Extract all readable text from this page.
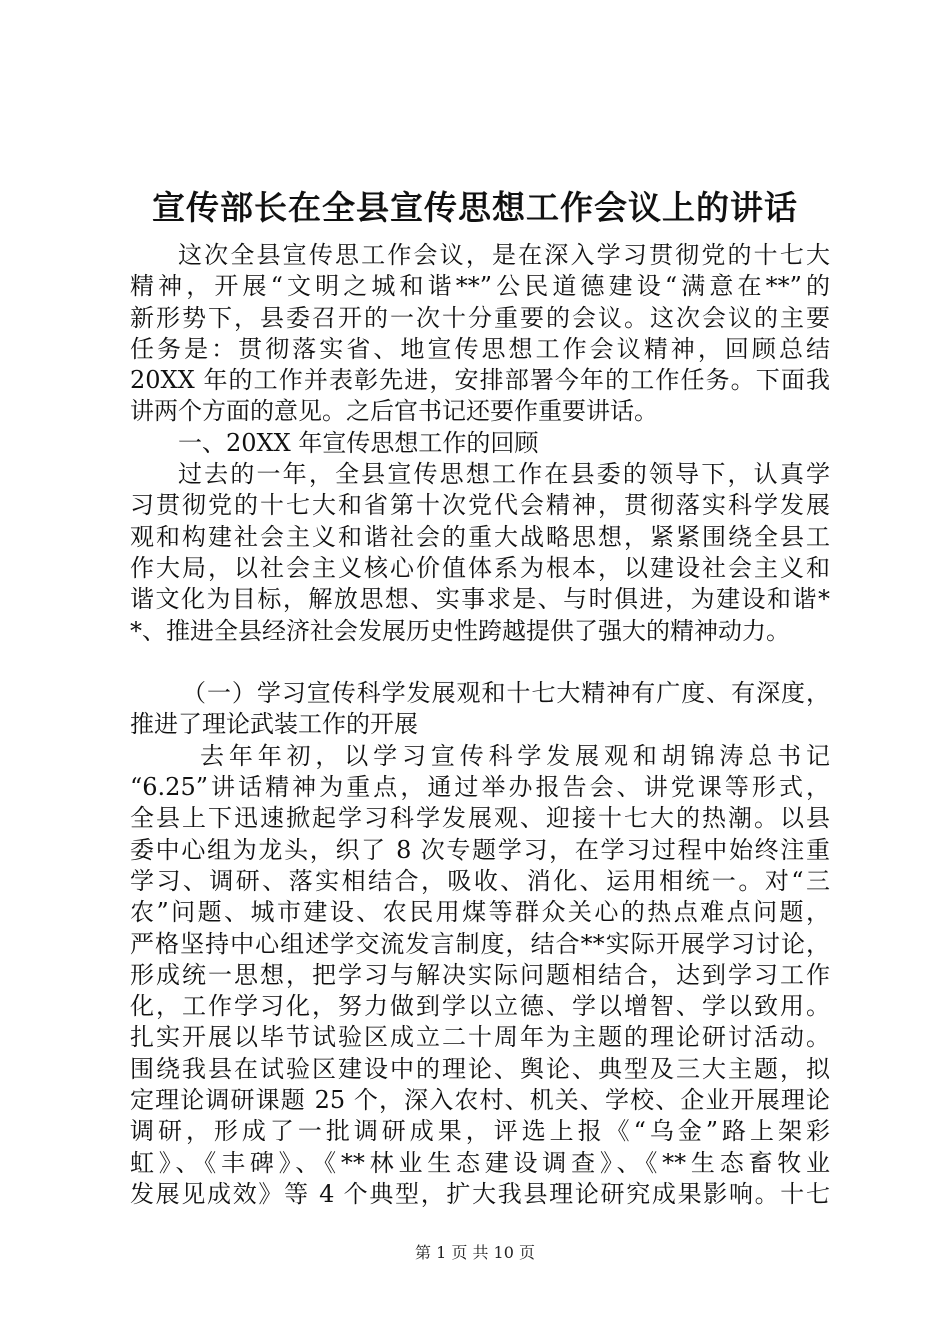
宣传部长在全县宣传思想工作会议上的讲话
这次全县宣传思工作会议，是在深入学习贯彻党的十七大
精神，开展“文明之城和谐**”公民道德建设“满意在**”的
新形势下，县委召开的一次十分重要的会议。这次会议的主要
任务是：贯彻落实省、地宣传思想工作会议精神，回顾总结
20XX 年的工作并表彰先进，安排部署今年的工作任务。下面我
讲两个方面的意见。之后官书记还要作重要讲话。
一、20XX 年宣传思想工作的回顾
过去的一年，全县宣传思想工作在县委的领导下，认真学
习贯彻党的十七大和省第十次党代会精神，贯彻落实科学发展
观和构建社会主义和谐社会的重大战略思想，紧紧围绕全县工
作大局，以社会主义核心价值体系为根本，以建设社会主义和
谐文化为目标，解放思想、实事求是、与时俱进，为建设和谐*
*、推进全县经济社会发展历史性跨越提供了强大的精神动力。
（一）学习宣传科学发展观和十七大精神有广度、有深度，
推进了理论武装工作的开展
去年年初，以学习宣传科学发展观和胡锦涛总书记
“6.25”讲话精神为重点，通过举办报告会、讲党课等形式，
全县上下迅速掀起学习科学发展观、迎接十七大的热潮。以县
委中心组为龙头，织了 8 次专题学习，在学习过程中始终注重
学习、调研、落实相结合，吸收、消化、运用相统一。对“三
农”问题、城市建设、农民用煤等群众关心的热点难点问题，
严格坚持中心组述学交流发言制度，结合**实际开展学习讨论，
形成统一思想，把学习与解决实际问题相结合，达到学习工作
化，工作学习化，努力做到学以立德、学以增智、学以致用。
扎实开展以毕节试验区成立二十周年为主题的理论研讨活动。
围绕我县在试验区建设中的理论、舆论、典型及三大主题，拟
定理论调研课题 25 个，深入农村、机关、学校、企业开展理论
调研，形成了一批调研成果，评选上报《“乌金”路上架彩
虹》、《丰碑》、《**林业生态建设调查》、《**生态畜牧业
发展见成效》等 4 个典型，扩大我县理论研究成果影响。十七
第 1 页 共 10 页
